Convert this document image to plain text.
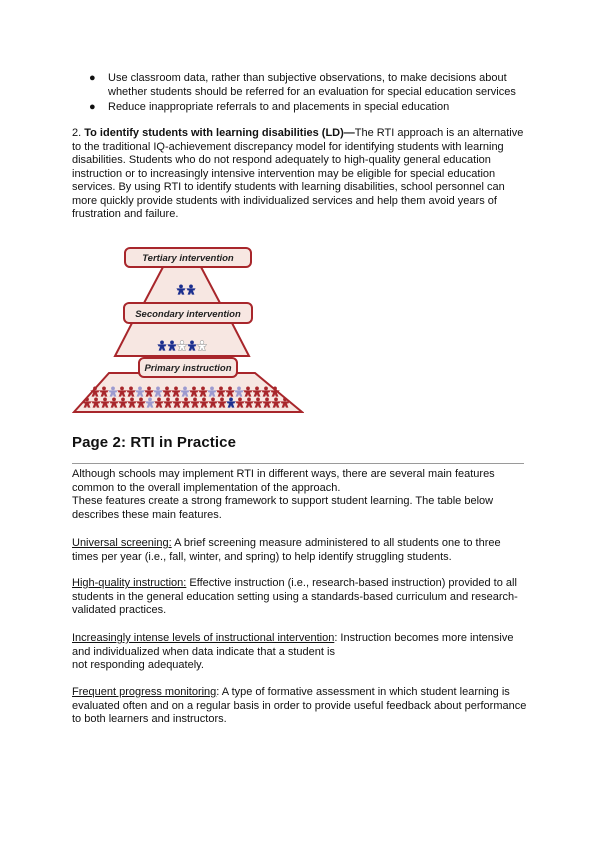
● Use classroom data, rather than subjective observations, to make decisions about whether students should be referred for an evaluation for special education services
● Reduce inappropriate referrals to and placements in special education

2. To identify students with learning disabilities (LD)—The RTI approach is an alternative to the traditional IQ-achievement discrepancy model for identifying students with learning disabilities. Students who do not respond adequately to high-quality general education instruction or to increasingly intensive intervention may be eligible for special education services. By using RTI to identify students with learning disabilities, school personnel can more quickly provide students with individualized services and help them avoid years of frustration and failure.

Tertiary intervention
Secondary intervention
Primary instruction
Page 2: RTI in Practice

Although schools may implement RTI in different ways, there are several main features common to the overall implementation of the approach.
These features create a strong framework to support student learning. The table below describes these main features.

Universal screening: A brief screening measure administered to all students one to three times per year (i.e., fall, winter, and spring) to help identify struggling students.

High-quality instruction: Effective instruction (i.e., research-based instruction) provided to all students in the general education setting using a standards-based curriculum and research-validated practices.

Increasingly intense levels of instructional intervention: Instruction becomes more intensive and individualized when data indicate that a student is
not responding adequately.

Frequent progress monitoring: A type of formative assessment in which student learning is evaluated often and on a regular basis in order to provide useful feedback about performance to both learners and instructors.
